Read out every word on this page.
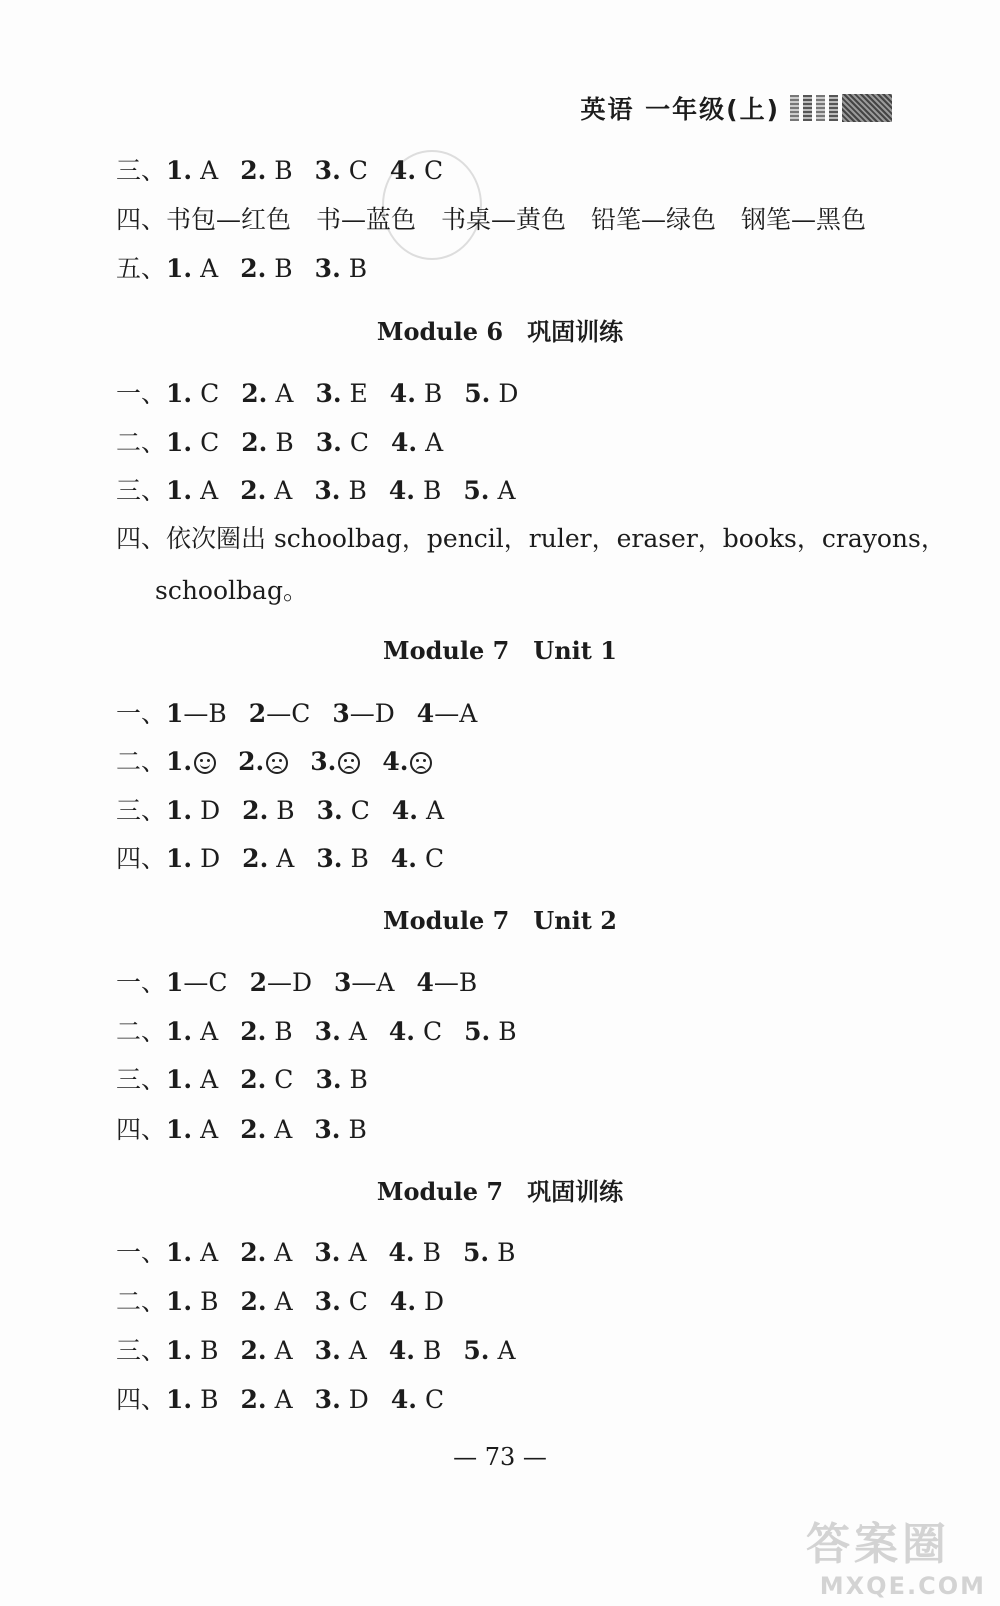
英语 一年级(上)
三、1. A 2. B 3. C 4. C
四、书包—红色　书—蓝色　书桌—黄色　铅笔—绿色　钢笔—黑色
五、1. A 2. B 3. B
Module 6　巩固训练
一、1. C 2. A 3. E 4. B 5. D
二、1. C 2. B 3. C 4. A
三、1. A 2. A 3. B 4. B 5. A
四、依次圈出 schoolbag，pencil，ruler，eraser，books，crayons，
schoolbag。
Module 7　Unit 1
一、1—B 2—C 3—D 4—A
二、1. 2. 3. 4.
三、1. D 2. B 3. C 4. A
四、1. D 2. A 3. B 4. C
Module 7　Unit 2
一、1—C 2—D 3—A 4—B
二、1. A 2. B 3. A 4. C 5. B
三、1. A 2. C 3. B
四、1. A 2. A 3. B
Module 7　巩固训练
一、1. A 2. A 3. A 4. B 5. B
二、1. B 2. A 3. C 4. D
三、1. B 2. A 3. A 4. B 5. A
四、1. B 2. A 3. D 4. C
— 73 —
答案圈
MXQE.COM
